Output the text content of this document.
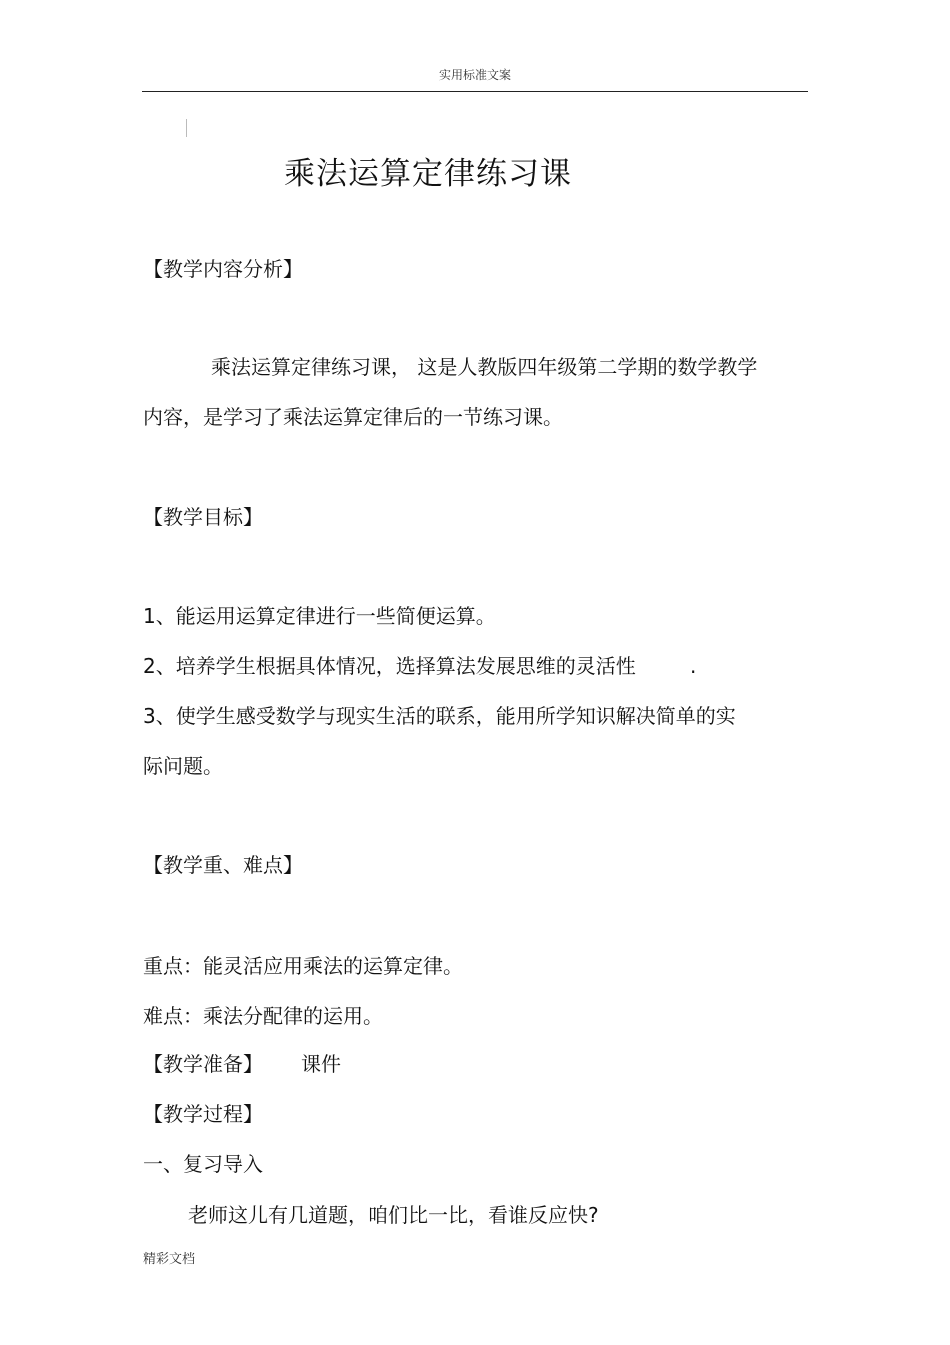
实用标准文案
乘法运算定律练习课
【教学内容分析】
乘法运算定律练习课， 这是人教版四年级第二学期的数学教学
内容，是学习了乘法运算定律后的一节练习课。
【教学目标】
1、能运用运算定律进行一些简便运算。
2、培养学生根据具体情况，选择算法发展思维的灵活性	.
3、使学生感受数学与现实生活的联系，能用所学知识解决简单的实
际问题。
【教学重、难点】
重点：能灵活应用乘法的运算定律。
难点：乘法分配律的运用。
【教学准备】 课件
【教学过程】
一、复习导入
老师这儿有几道题，咱们比一比，看谁反应快?
精彩文档
